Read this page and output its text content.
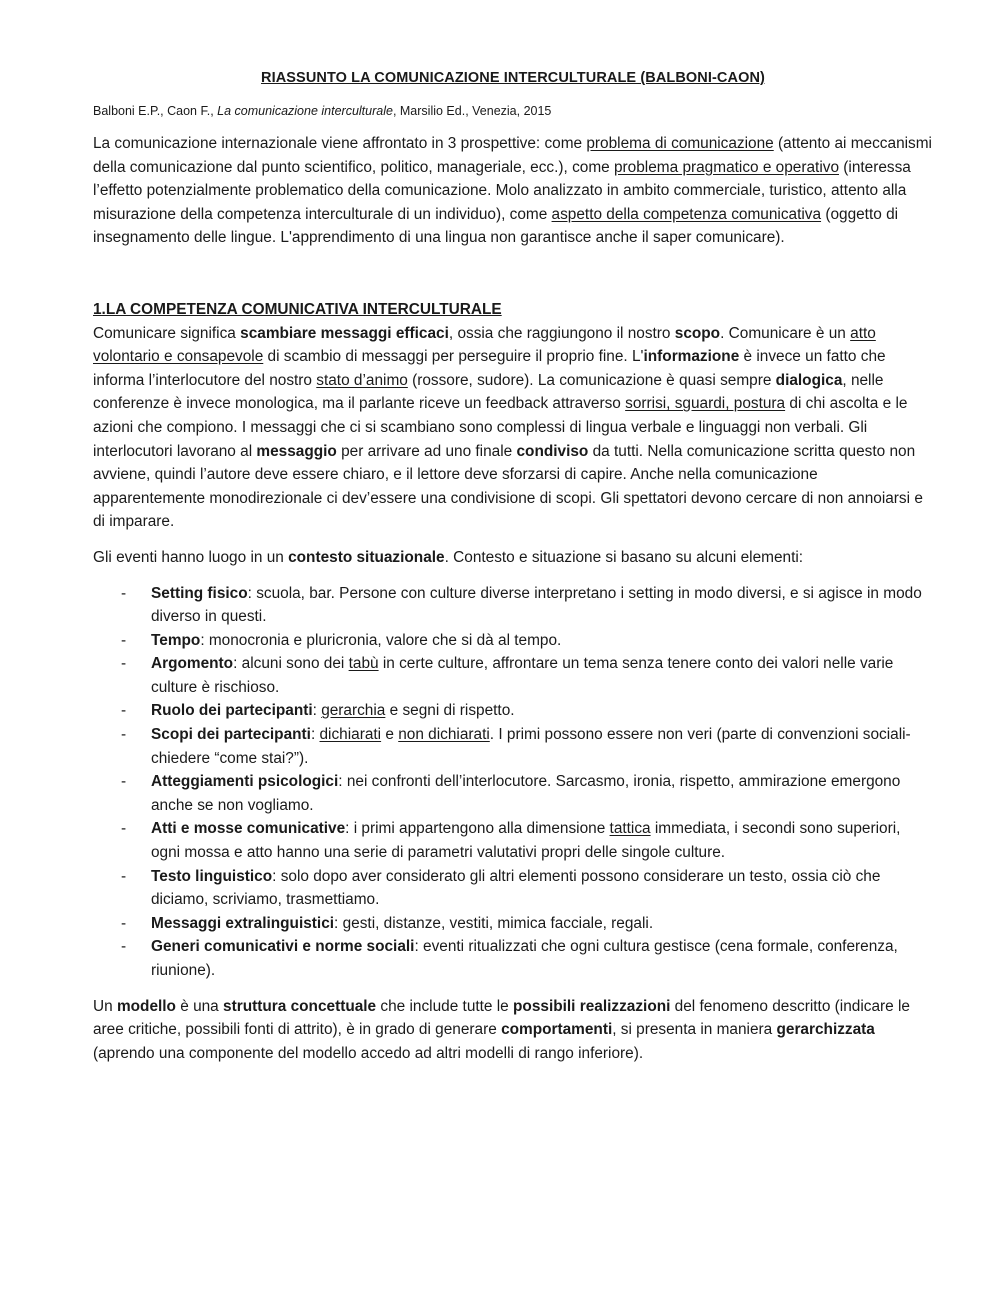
RIASSUNTO LA COMUNICAZIONE INTERCULTURALE (BALBONI-CAON)

Balboni E.P., Caon F., La comunicazione interculturale, Marsilio Ed., Venezia, 2015

La comunicazione internazionale viene affrontato in 3 prospettive: come problema di comunicazione (attento ai meccanismi della comunicazione dal punto scientifico, politico, manageriale, ecc.), come problema pragmatico e operativo (interessa l’effetto potenzialmente problematico della comunicazione. Molo analizzato in ambito commerciale, turistico, attento alla misurazione della competenza interculturale di un individuo), come aspetto della competenza comunicativa (oggetto di insegnamento delle lingue. L'apprendimento di una lingua non garantisce anche il saper comunicare).

1.LA COMPETENZA COMUNICATIVA INTERCULTURALE

Comunicare significa scambiare messaggi efficaci, ossia che raggiungono il nostro scopo. Comunicare è un atto volontario e consapevole di scambio di messaggi per perseguire il proprio fine. L'informazione è invece un fatto che informa l’interlocutore del nostro stato d’animo (rossore, sudore). La comunicazione è quasi sempre dialogica, nelle conferenze è invece monologica, ma il parlante riceve un feedback attraverso sorrisi, sguardi, postura di chi ascolta e le azioni che compiono. I messaggi che ci si scambiano sono complessi di lingua verbale e linguaggi non verbali. Gli interlocutori lavorano al messaggio per arrivare ad uno finale condiviso da tutti. Nella comunicazione scritta questo non avviene, quindi l’autore deve essere chiaro, e il lettore deve sforzarsi di capire. Anche nella comunicazione apparentemente monodirezionale ci dev’essere una condivisione di scopi. Gli spettatori devono cercare di non annoiarsi e di imparare.

Gli eventi hanno luogo in un contesto situazionale. Contesto e situazione si basano su alcuni elementi:

- Setting fisico: scuola, bar. Persone con culture diverse interpretano i setting in modo diversi, e si agisce in modo diverso in questi.
- Tempo: monocronia e pluricronia, valore che si dà al tempo.
- Argomento: alcuni sono dei tabù in certe culture, affrontare un tema senza tenere conto dei valori nelle varie culture è rischioso.
- Ruolo dei partecipanti: gerarchia e segni di rispetto.
- Scopi dei partecipanti: dichiarati e non dichiarati. I primi possono essere non veri (parte di convenzioni sociali-chiedere “come stai?”).
- Atteggiamenti psicologici: nei confronti dell’interlocutore. Sarcasmo, ironia, rispetto, ammirazione emergono anche se non vogliamo.
- Atti e mosse comunicative: i primi appartengono alla dimensione tattica immediata, i secondi sono superiori, ogni mossa e atto hanno una serie di parametri valutativi propri delle singole culture.
- Testo linguistico: solo dopo aver considerato gli altri elementi possono considerare un testo, ossia ciò che diciamo, scriviamo, trasmettiamo.
- Messaggi extralinguistici: gesti, distanze, vestiti, mimica facciale, regali.
- Generi comunicativi e norme sociali: eventi ritualizzati che ogni cultura gestisce (cena formale, conferenza, riunione).

Un modello è una struttura concettuale che include tutte le possibili realizzazioni del fenomeno descritto (indicare le aree critiche, possibili fonti di attrito), è in grado di generare comportamenti, si presenta in maniera gerarchizzata (aprendo una componente del modello accedo ad altri modelli di rango inferiore).
